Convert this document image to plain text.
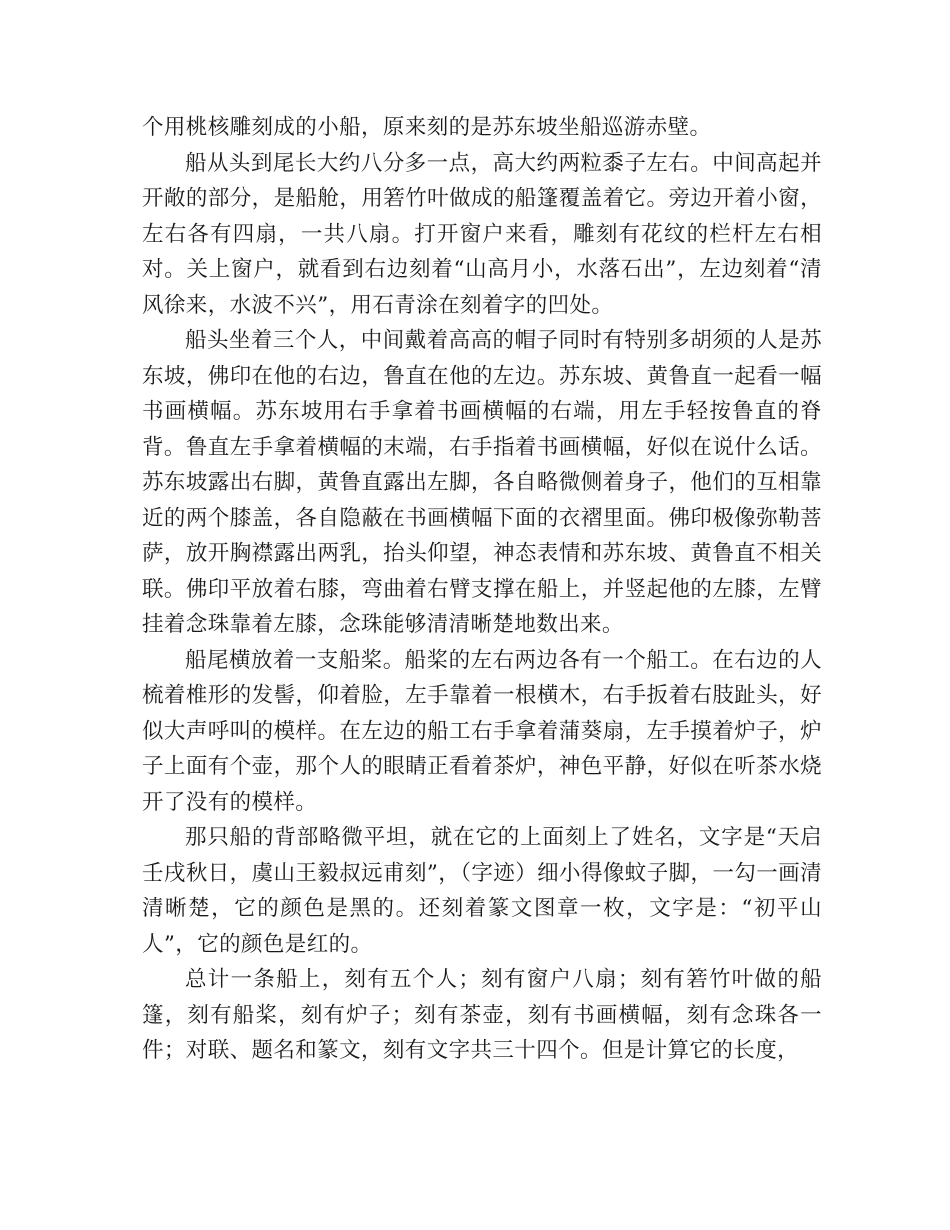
个用桃核雕刻成的小船，原来刻的是苏东坡坐船巡游赤壁。

船从头到尾长大约八分多一点，高大约两粒黍子左右。中间高起并开敞的部分，是船舱，用箬竹叶做成的船篷覆盖着它。旁边开着小窗，左右各有四扇，一共八扇。打开窗户来看，雕刻有花纹的栏杆左右相对。关上窗户，就看到右边刻着“山高月小，水落石出”，左边刻着“清风徐来，水波不兴”，用石青涂在刻着字的凹处。

船头坐着三个人，中间戴着高高的帽子同时有特别多胡须的人是苏东坡，佛印在他的右边，鲁直在他的左边。苏东坡、黄鲁直一起看一幅书画横幅。苏东坡用右手拿着书画横幅的右端，用左手轻按鲁直的脊背。鲁直左手拿着横幅的末端，右手指着书画横幅，好似在说什么话。苏东坡露出右脚，黄鲁直露出左脚，各自略微侧着身子，他们的互相靠近的两个膝盖，各自隐蔽在书画横幅下面的衣褶里面。佛印极像弥勒菩萨，放开胸襟露出两乳，抬头仰望，神态表情和苏东坡、黄鲁直不相关联。佛印平放着右膝，弯曲着右臂支撑在船上，并竖起他的左膝，左臂挂着念珠靠着左膝，念珠能够清清晰楚地数出来。

船尾横放着一支船桨。船桨的左右两边各有一个船工。在右边的人梳着椎形的发髻，仰着脸，左手靠着一根横木，右手扳着右肢趾头，好似大声呼叫的模样。在左边的船工右手拿着蒲葵扇，左手摸着炉子，炉子上面有个壶，那个人的眼睛正看着茶炉，神色平静，好似在听茶水烧开了没有的模样。

那只船的背部略微平坦，就在它的上面刻上了姓名，文字是“天启壬戌秋日，虞山王毅叔远甫刻”，（字迹）细小得像蚊子脚，一勾一画清清晰楚，它的颜色是黑的。还刻着篆文图章一枚，文字是：“初平山人”，它的颜色是红的。

总计一条船上，刻有五个人；刻有窗户八扇；刻有箬竹叶做的船篷，刻有船桨，刻有炉子；刻有茶壶，刻有书画横幅，刻有念珠各一件；对联、题名和篆文，刻有文字共三十四个。但是计算它的长度，
